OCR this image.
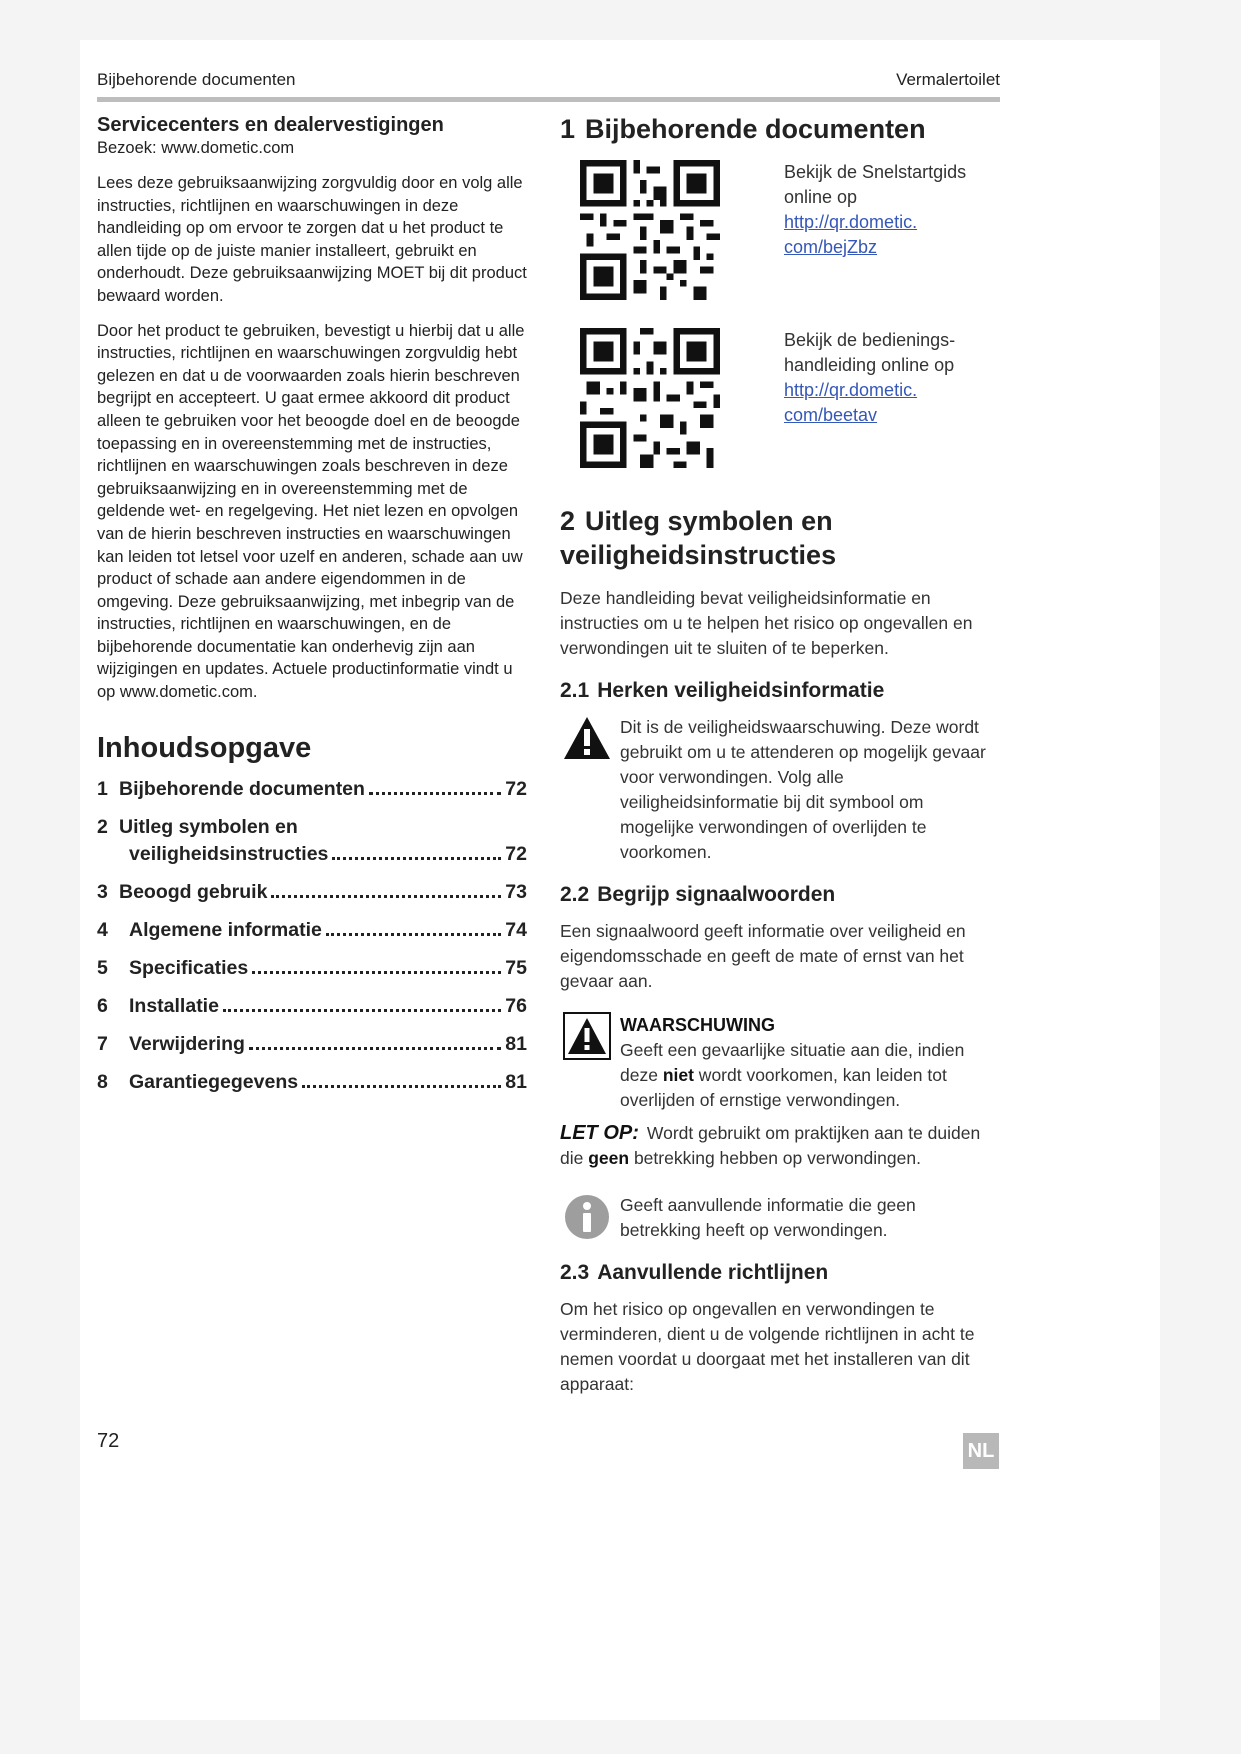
Bijbehorende documenten	Vermalertoilet

Servicecenters en dealervestigingen

Bezoek: www.dometic.com

Lees deze gebruiksaanwijzing zorgvuldig door en volg alle instructies, richtlijnen en waarschuwingen in deze handleiding op om ervoor te zorgen dat u het product te allen tijde op de juiste manier installeert, gebruikt en onderhoudt. Deze gebruiksaanwijzing MOET bij dit product bewaard worden.

Door het product te gebruiken, bevestigt u hierbij dat u alle instructies, richtlijnen en waarschuwingen zorgvuldig hebt gelezen en dat u de voorwaarden zoals hierin beschreven begrijpt en accepteert. U gaat ermee akkoord dit product alleen te gebruiken voor het beoogde doel en de beoogde toepassing en in overeenstemming met de instructies, richtlijnen en waarschuwingen zoals beschreven in deze gebruiksaanwijzing en in overeenstemming met de geldende wet- en regelgeving. Het niet lezen en opvolgen van de hierin beschreven instructies en waarschuwingen kan leiden tot letsel voor uzelf en anderen, schade aan uw product of schade aan andere eigendommen in de omgeving. Deze gebruiksaanwijzing, met inbegrip van de instructies, richtlijnen en waarschuwingen, en de bijbehorende documentatie kan onderhevig zijn aan wijzigingen en updates. Actuele productinformatie vindt u op www.dometic.com.

Inhoudsopgave
1 Bijbehorende documenten	72
2 Uitleg symbolen en
veiligheidsinstructies	72
3 Beoogd gebruik	73
4	Algemene informatie	74
5	Specificaties	75
6	Installatie	76
7	Verwijdering	81
8	Garantiegegevens	81
1 Bijbehorende documenten
Bekijk de Snelstartgids online op
http://qr.dometic.
com/bejZbz
Bekijk de bedienings-handleiding online op
http://qr.dometic.
com/beetav
2 Uitleg symbolen en veiligheidsinstructies

Deze handleiding bevat veiligheidsinformatie en instructies om u te helpen het risico op ongevallen en verwondingen uit te sluiten of te beperken.

2.1 Herken veiligheidsinformatie
Dit is de veiligheidswaarschuwing. Deze wordt gebruikt om u te attenderen op mogelijk gevaar voor verwondingen. Volg alle veiligheidsinformatie bij dit symbool om mogelijke verwondingen of overlijden te voorkomen.
2.2 Begrijp signaalwoorden

Een signaalwoord geeft informatie over veiligheid en eigendomsschade en geeft de mate of ernst van het gevaar aan.

WAARSCHUWING
Geeft een gevaarlijke situatie aan die, indien deze niet wordt voorkomen, kan leiden tot overlijden of ernstige verwondingen.
LET OP: Wordt gebruikt om praktijken aan te duiden die geen betrekking hebben op verwondingen.
Geeft aanvullende informatie die geen betrekking heeft op verwondingen.
2.3 Aanvullende richtlijnen

Om het risico op ongevallen en verwondingen te verminderen, dient u de volgende richtlijnen in acht te nemen voordat u doorgaat met het installeren van dit apparaat:

72	NL
